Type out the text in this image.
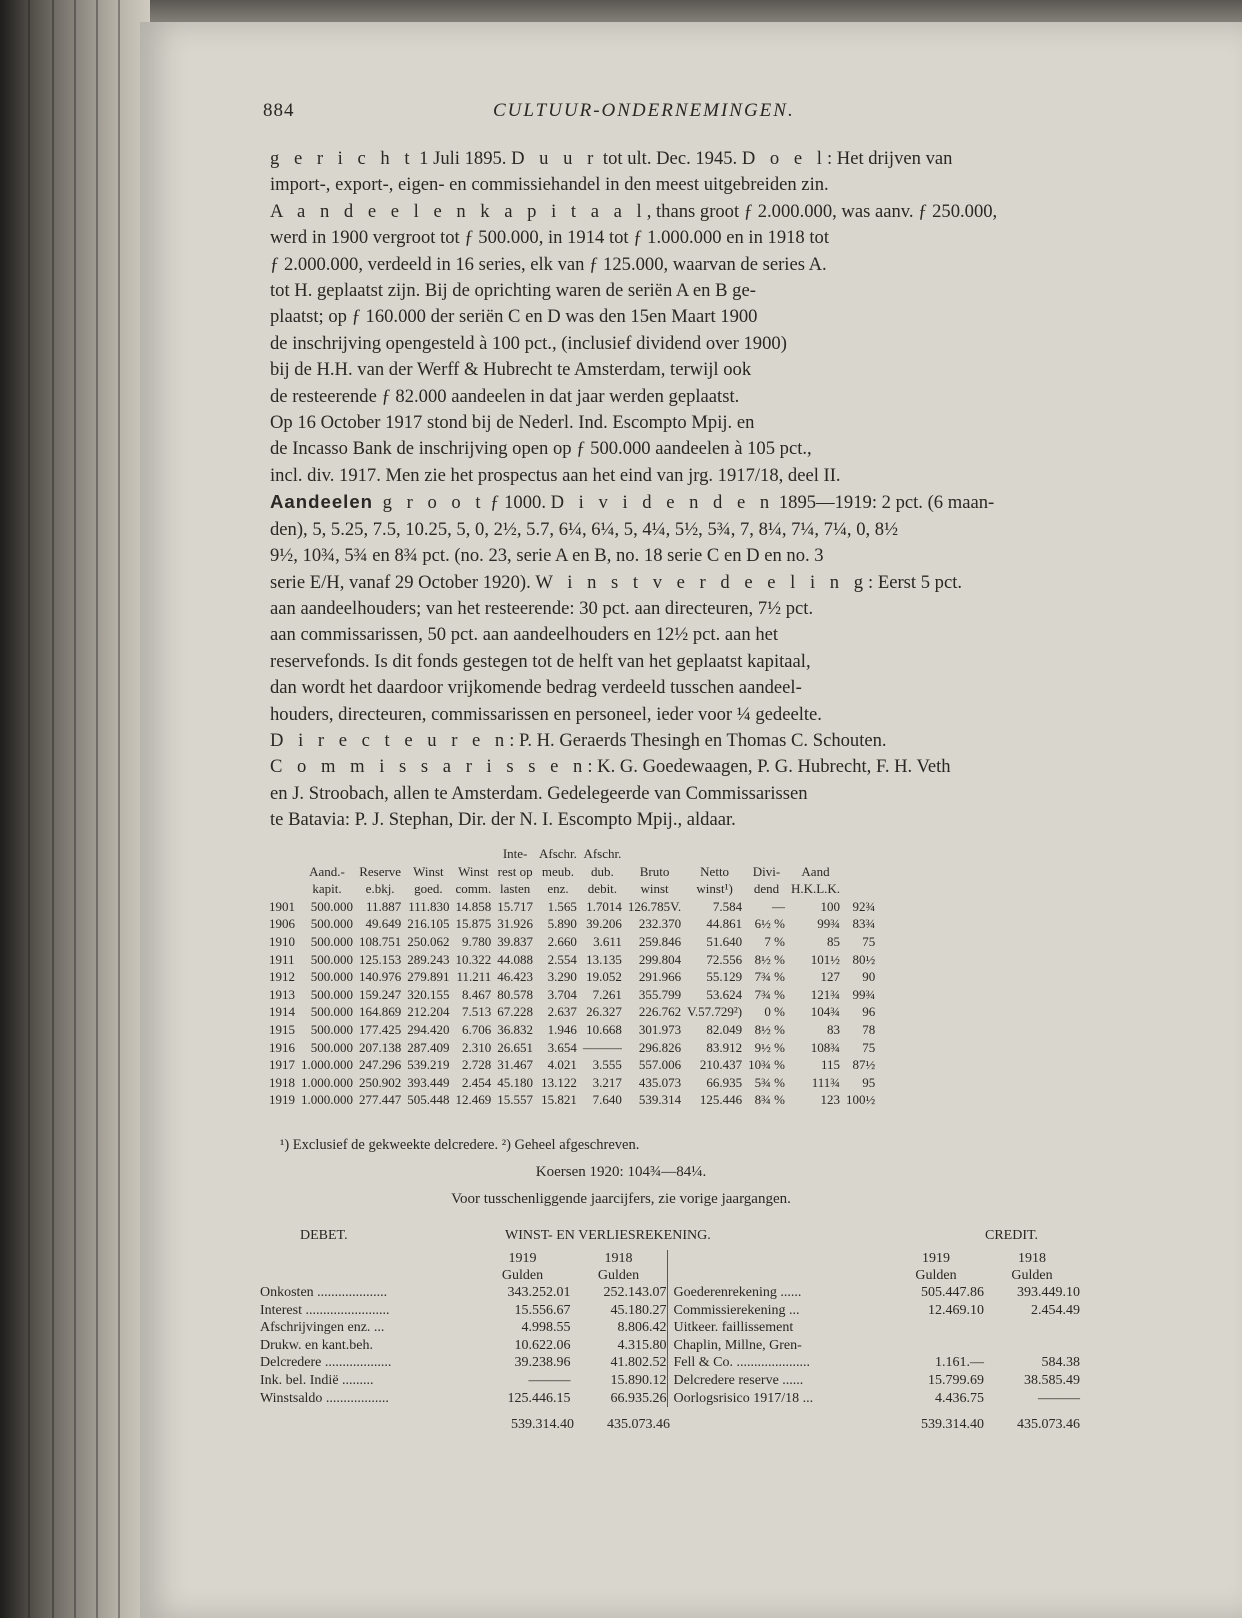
884	CULTUUR-ONDERNEMINGEN.
g e r i c h t 1 Juli 1895. D u u r tot ult. Dec. 1945. D o e l: Het drijven van
import-, export-, eigen- en commissiehandel in den meest uitgebreiden zin.
A a n d e e l e n k a p i t a a l, thans groot ƒ 2.000.000, was aanv. ƒ 250.000,
werd in 1900 vergroot tot ƒ 500.000, in 1914 tot ƒ 1.000.000 en in 1918 tot
ƒ 2.000.000, verdeeld in 16 series, elk van ƒ 125.000, waarvan de series A.
tot H. geplaatst zijn. Bij de oprichting waren de seriën A en B ge-
plaatst; op ƒ 160.000 der seriën C en D was den 15en Maart 1900
de inschrijving opengesteld à 100 pct., (inclusief dividend over 1900)
bij de H.H. van der Werff & Hubrecht te Amsterdam, terwijl ook
de resteerende ƒ 82.000 aandeelen in dat jaar werden geplaatst.
Op 16 October 1917 stond bij de Nederl. Ind. Escompto Mpij. en
de Incasso Bank de inschrijving open op ƒ 500.000 aandeelen à 105 pct.,
incl. div. 1917. Men zie het prospectus aan het eind van jrg. 1917/18, deel II.
Aandeelen g r o o t ƒ 1000. D i v i d e n d e n 1895—1919: 2 pct. (6 maan-
den), 5, 5.25, 7.5, 10.25, 5, 0, 2½, 5.7, 6¼, 6¼, 5, 4¼, 5½, 5¾, 7, 8¼, 7¼, 7¼, 0, 8½
9½, 10¾, 5¾ en 8¾ pct. (no. 23, serie A en B, no. 18 serie C en D en no. 3
serie E/H, vanaf 29 October 1920). W i n s t v e r d e e l i n g: Eerst 5 pct.
aan aandeelhouders; van het resteerende: 30 pct. aan directeuren, 7½ pct.
aan commissarissen, 50 pct. aan aandeelhouders en 12½ pct. aan het
reservefonds. Is dit fonds gestegen tot de helft van het geplaatst kapitaal,
dan wordt het daardoor vrijkomende bedrag verdeeld tusschen aandeel-
houders, directeuren, commissarissen en personeel, ieder voor ¼ gedeelte.
D i r e c t e u r e n: P. H. Geraerds Thesingh en Thomas C. Schouten.
C o m m i s s a r i s s e n: K. G. Goedewaagen, P. G. Hubrecht, F. H. Veth
en J. Stroobach, allen te Amsterdam. Gedelegeerde van Commissarissen
te Batavia: P. J. Stephan, Dir. der N. I. Escompto Mpij., aldaar.
					Inte-	Afschr.	Afschr.					
	Aand.-	Reserve	Winst	Winst	rest op	meub.	dub.	Bruto	Netto	Divi-	Aand	
	kapit.	e.bkj.	goed.	comm.	lasten	enz.	debit.	winst	winst¹)	dend	H.K.L.K.	
1901	500.000	11.887	111.830	14.858	15.717	1.565	1.7014	126.785V.	7.584	—	100	92¾
1906	500.000	49.649	216.105	15.875	31.926	5.890	39.206	232.370	44.861	6½ %	99¾	83¾
1910	500.000	108.751	250.062	9.780	39.837	2.660	3.611	259.846	51.640	7 %	85	75
1911	500.000	125.153	289.243	10.322	44.088	2.554	13.135	299.804	72.556	8½ %	101½	80½
1912	500.000	140.976	279.891	11.211	46.423	3.290	19.052	291.966	55.129	7¾ %	127	90
1913	500.000	159.247	320.155	8.467	80.578	3.704	7.261	355.799	53.624	7¾ %	121¾	99¾
1914	500.000	164.869	212.204	7.513	67.228	2.637	26.327	226.762	V.57.729²)	0 %	104¾	96
1915	500.000	177.425	294.420	6.706	36.832	1.946	10.668	301.973	82.049	8½ %	83	78
1916	500.000	207.138	287.409	2.310	26.651	3.654	———	296.826	83.912	9½ %	108¾	75
1917	1.000.000	247.296	539.219	2.728	31.467	4.021	3.555	557.006	210.437	10¾ %	115	87½
1918	1.000.000	250.902	393.449	2.454	45.180	13.122	3.217	435.073	66.935	5¾ %	111¾	95
1919	1.000.000	277.447	505.448	12.469	15.557	15.821	7.640	539.314	125.446	8¾ %	123	100½
¹) Exclusief de gekweekte delcredere. ²) Geheel afgeschreven.
Koersen 1920: 104¾—84¼.
Voor tusschenliggende jaarcijfers, zie vorige jaargangen.
DEBET.	WINST- EN VERLIESREKENING.	CREDIT.
1919
Gulden
1918
Gulden
Onkosten ....................	343.252.01	252.143.07
Interest ........................	15.556.67	45.180.27
Afschrijvingen enz. ...	4.998.55	8.806.42
Drukw. en kant.beh.	10.622.06	4.315.80
Delcredere ...................	39.238.96	41.802.52
Ink. bel. Indië .........	———	15.890.12
Winstsaldo ..................	125.446.15	66.935.26
1919
Gulden
1918
Gulden
Goederenrekening ......	505.447.86	393.449.10
Commissierekening ...	12.469.10	2.454.49
Uitkeer. faillissement
Chaplin, Millne, Gren-
Fell & Co. .....................	1.161.—	584.38
Delcredere reserve ......	15.799.69	38.585.49
Oorlogsrisico 1917/18 ...	4.436.75	———
539.314.40	435.073.46	539.314.40	435.073.46
